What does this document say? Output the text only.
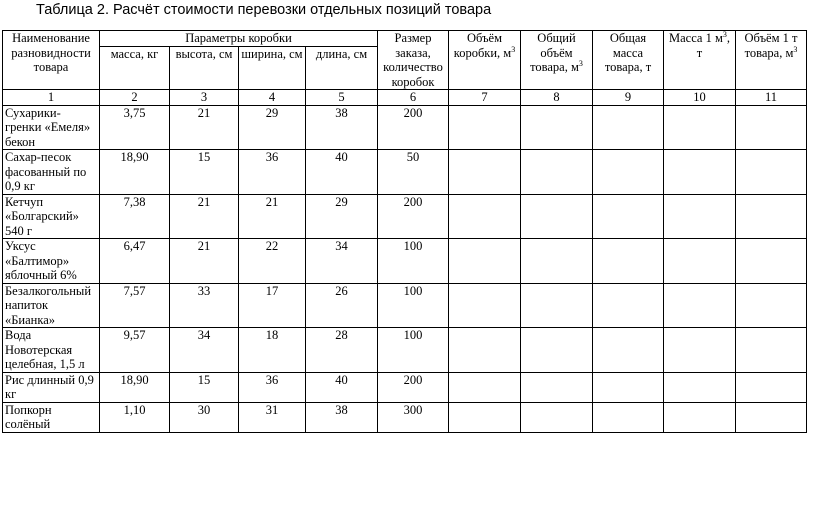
Таблица 2. Расчёт стоимости перевозки отдельных позиций товара
Наименование разновидности товара	Параметры коробки				Размер заказа, количество коробок	Объём коробки, $м^3$	Общий объём товара, $м^3$	Общая масса товара, т	Масса 1 $м^3$, т	Объём 1 т товара, $м^3$
	масса, кг	высота, см	ширина, см	длина, см						
1	2	3	4	5	6	7	8	9	10	11
Сухарики-гренки «Емеля» бекон	3,75	21	29	38	200					
Сахар-песок фасованный по 0,9 кг	18,90	15	36	40	50					
Кетчуп «Болгарский» 540 г	7,38	21	21	29	200					
Уксус «Балтимор» яблочный 6%	6,47	21	22	34	100					
Безалкогольный напиток «Бианка»	7,57	33	17	26	100					
Вода Новотерская целебная, 1,5 л	9,57	34	18	28	100					
Рис длинный 0,9 кг	18,90	15	36	40	200					
Попкорн солёный	1,10	30	31	38	300					
